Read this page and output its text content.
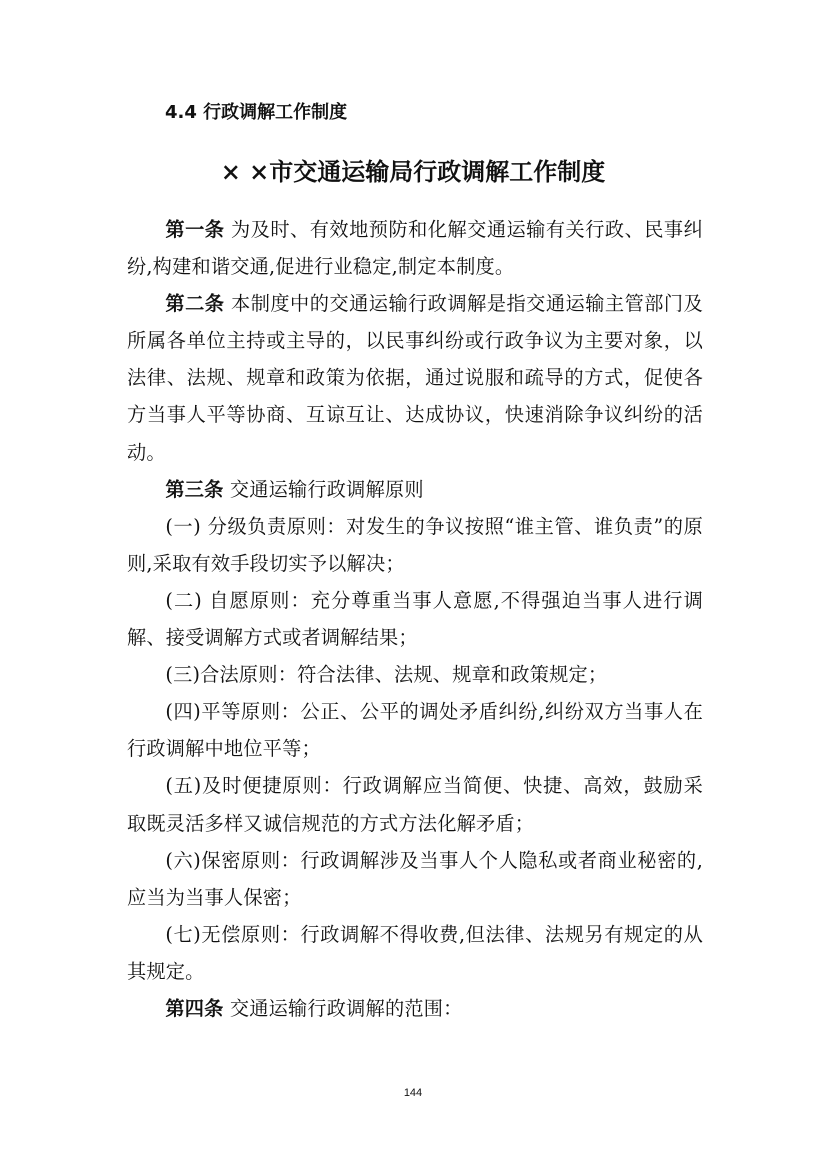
4.4 行政调解工作制度
× ×市交通运输局行政调解工作制度

第一条 为及时、有效地预防和化解交通运输有关行政、民事纠纷,构建和谐交通,促进行业稳定,制定本制度。

第二条 本制度中的交通运输行政调解是指交通运输主管部门及所属各单位主持或主导的，以民事纠纷或行政争议为主要对象，以法律、法规、规章和政策为依据，通过说服和疏导的方式，促使各方当事人平等协商、互谅互让、达成协议，快速消除争议纠纷的活动。

第三条 交通运输行政调解原则

(一) 分级负责原则：对发生的争议按照“谁主管、谁负责”的原则,采取有效手段切实予以解决；

(二) 自愿原则：充分尊重当事人意愿,不得强迫当事人进行调解、接受调解方式或者调解结果；

(三)合法原则：符合法律、法规、规章和政策规定；

(四)平等原则：公正、公平的调处矛盾纠纷,纠纷双方当事人在行政调解中地位平等；

(五)及时便捷原则：行政调解应当简便、快捷、高效，鼓励采取既灵活多样又诚信规范的方式方法化解矛盾；

(六)保密原则：行政调解涉及当事人个人隐私或者商业秘密的,应当为当事人保密；

(七)无偿原则：行政调解不得收费,但法律、法规另有规定的从其规定。

第四条 交通运输行政调解的范围：

144
